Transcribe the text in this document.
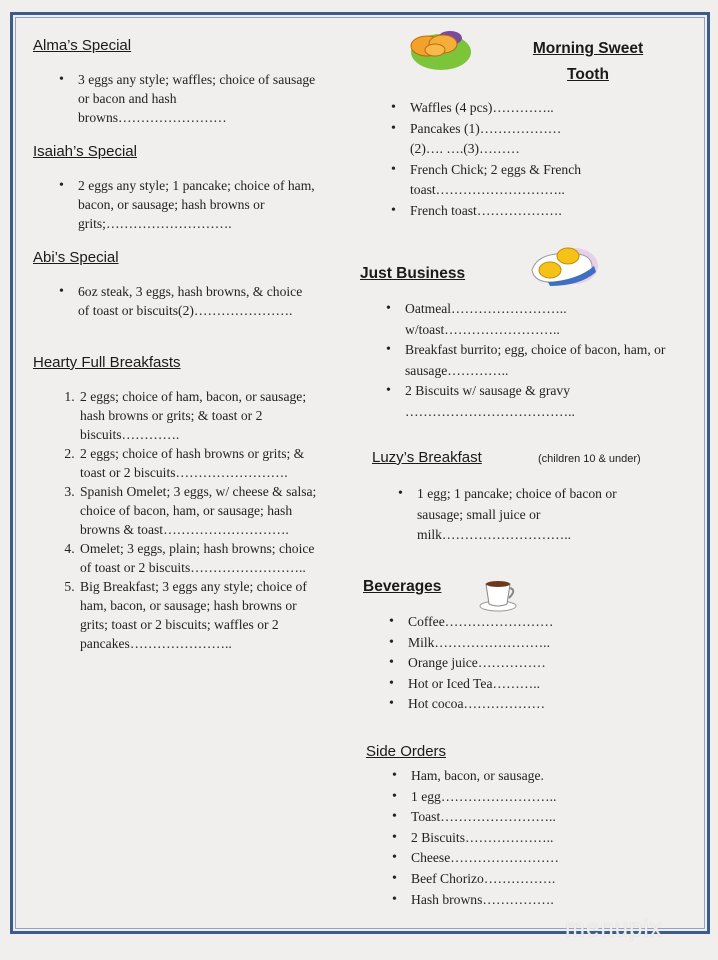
Alma’s Special
• 3 eggs any style; waffles; choice of sausage or bacon and hash browns……………………
Isaiah’s Special
• 2 eggs any style; 1 pancake; choice of ham, bacon, or sausage; hash browns or grits;……………………….
Abi’s Special
• 6oz steak, 3 eggs, hash browns, & choice of toast or biscuits(2)………………….
Hearty Full Breakfasts
1. 2 eggs; choice of ham, bacon, or sausage; hash browns or grits; & toast or 2 biscuits………….
2. 2 eggs; choice of hash browns or grits; & toast or 2 biscuits…………………….
3. Spanish Omelet; 3 eggs, w/ cheese & salsa; choice of bacon, ham, or sausage; hash browns & toast……………………….
4. Omelet; 3 eggs, plain; hash browns; choice of toast or 2 biscuits……………………..
5. Big Breakfast; 3 eggs any style; choice of ham, bacon, or sausage; hash browns or grits; toast or 2 biscuits; waffles or 2 pancakes…………………..
Morning Sweet
Tooth
• Waffles (4 pcs)…………..
• Pancakes (1)……………… (2)…. ….(3)………
• French Chick; 2 eggs & French toast………………………..
• French toast……………….
Just Business
• Oatmeal…………………….. w/toast……………………..
• Breakfast burrito; egg, choice of bacon, ham, or sausage…………..
• 2 Biscuits w/ sausage & gravy ………………………………..
Luzy’s Breakfast	(children 10 & under)
• 1 egg; 1 pancake; choice of bacon or sausage; small juice or milk………………………..
Beverages
• Coffee……………………
• Milk……………………..
• Orange juice……………
• Hot or Iced Tea………..
• Hot cocoa………………
Side Orders
• Ham, bacon, or sausage.
• 1 egg……………………..
• Toast……………………..
• 2 Biscuits………………..
• Cheese……………………
• Beef Chorizo…………….
• Hash browns…………….
menupix
